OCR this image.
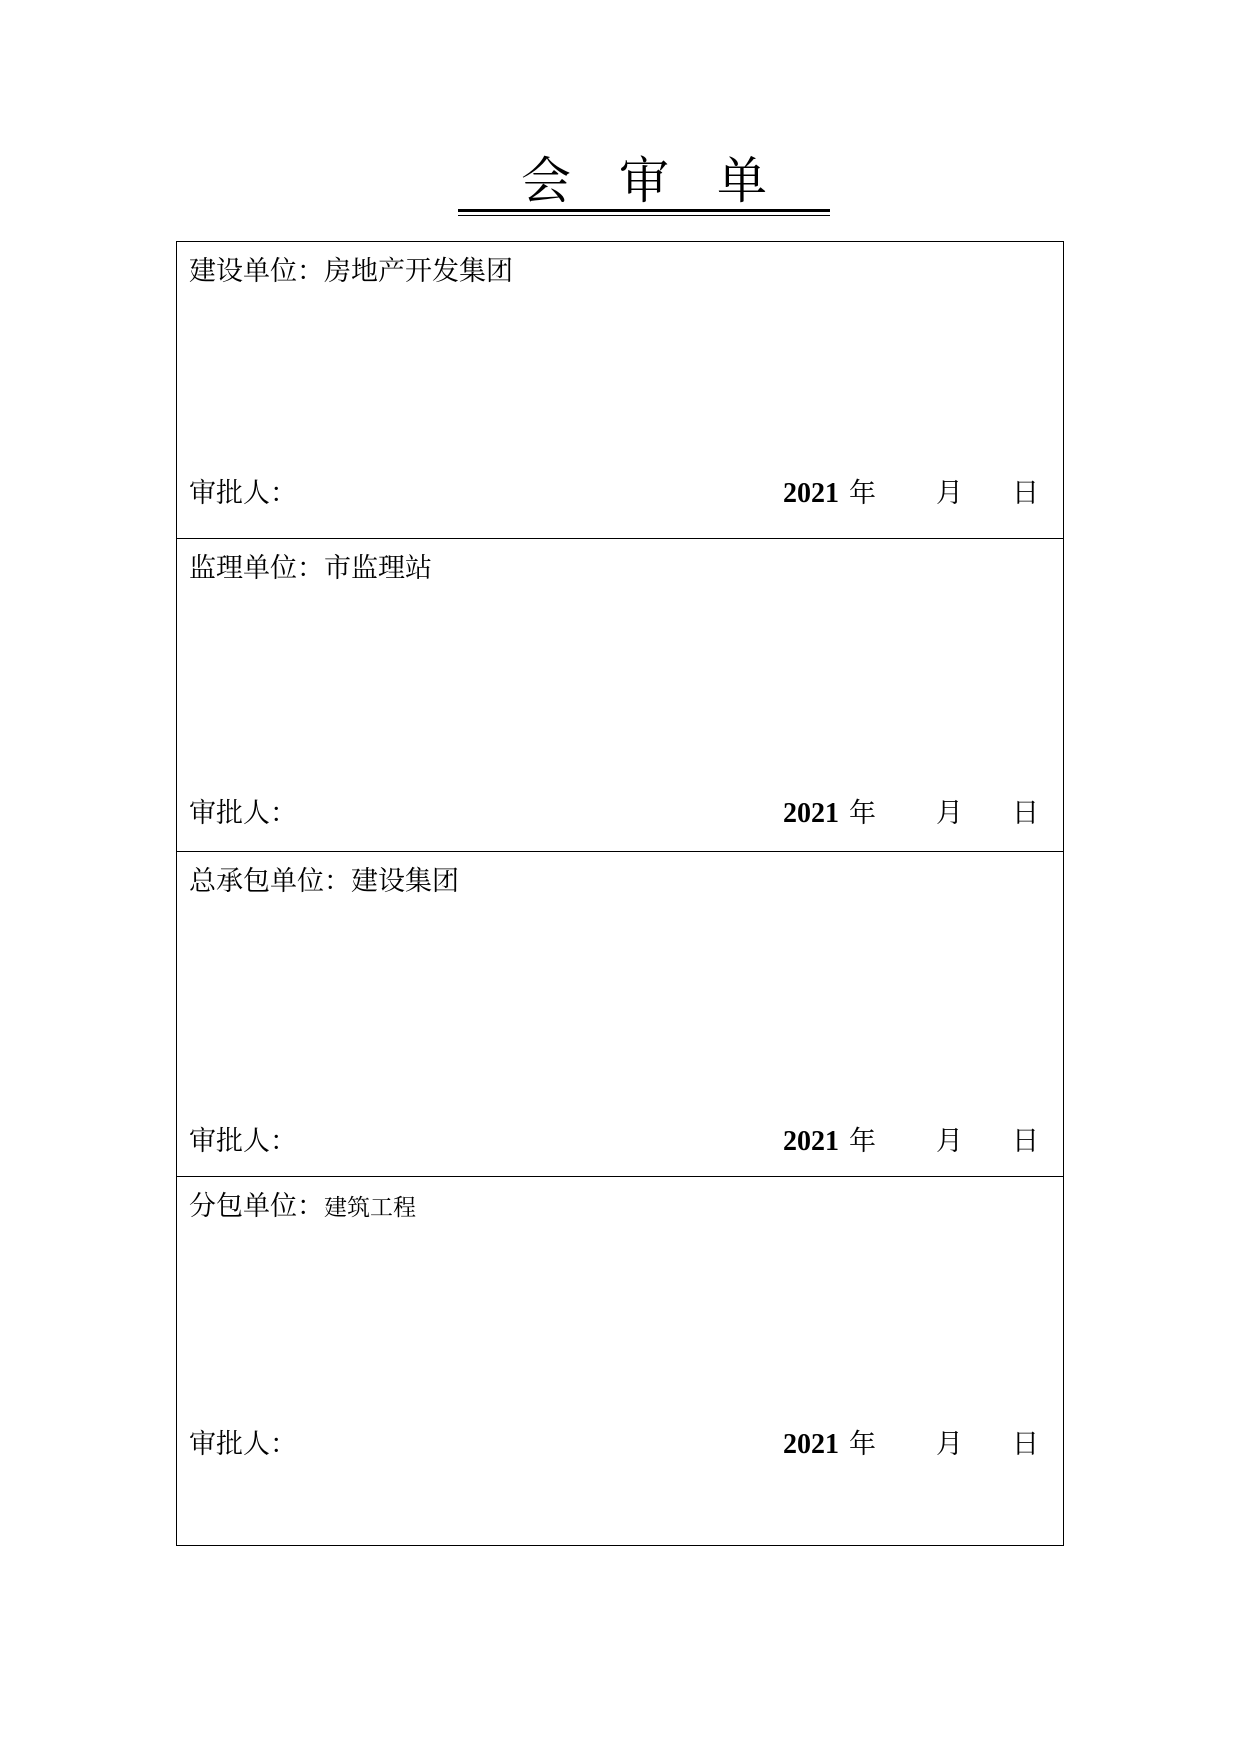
会审单
建设单位：房地产开发集团
审批人：	2021 年 月 日
监理单位：市监理站
审批人：	2021 年 月 日
总承包单位：建设集团
审批人：	2021 年 月 日
分包单位：建筑工程
审批人：	2021 年 月 日
